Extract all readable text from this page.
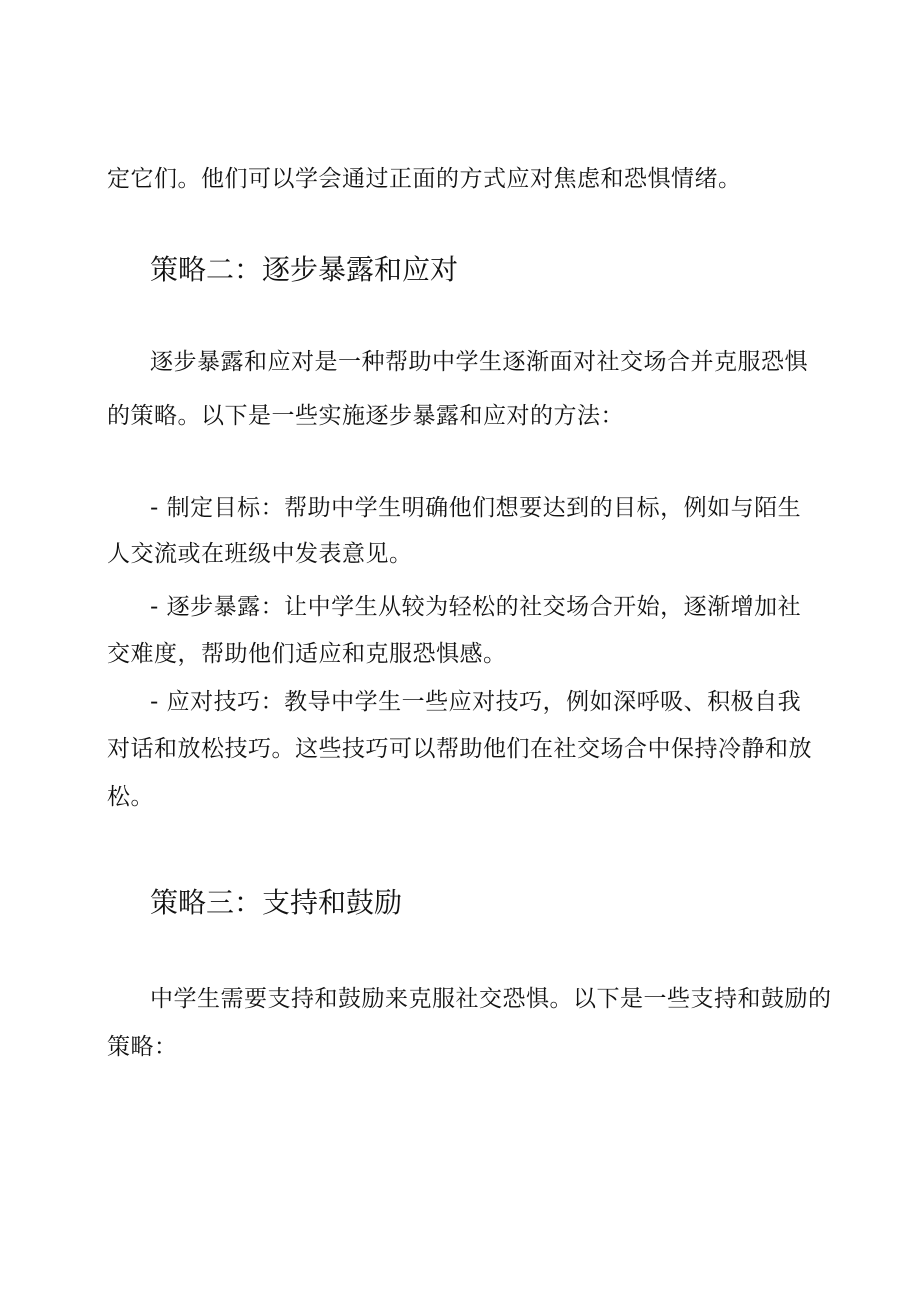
定它们。他们可以学会通过正面的方式应对焦虑和恐惧情绪。

策略二：逐步暴露和应对

逐步暴露和应对是一种帮助中学生逐渐面对社交场合并克服恐惧

的策略。以下是一些实施逐步暴露和应对的方法：

- 制定目标：帮助中学生明确他们想要达到的目标，例如与陌生

人交流或在班级中发表意见。

- 逐步暴露：让中学生从较为轻松的社交场合开始，逐渐增加社

交难度，帮助他们适应和克服恐惧感。

- 应对技巧：教导中学生一些应对技巧，例如深呼吸、积极自我

对话和放松技巧。这些技巧可以帮助他们在社交场合中保持冷静和放

松。

策略三：支持和鼓励

中学生需要支持和鼓励来克服社交恐惧。以下是一些支持和鼓励的

策略：
